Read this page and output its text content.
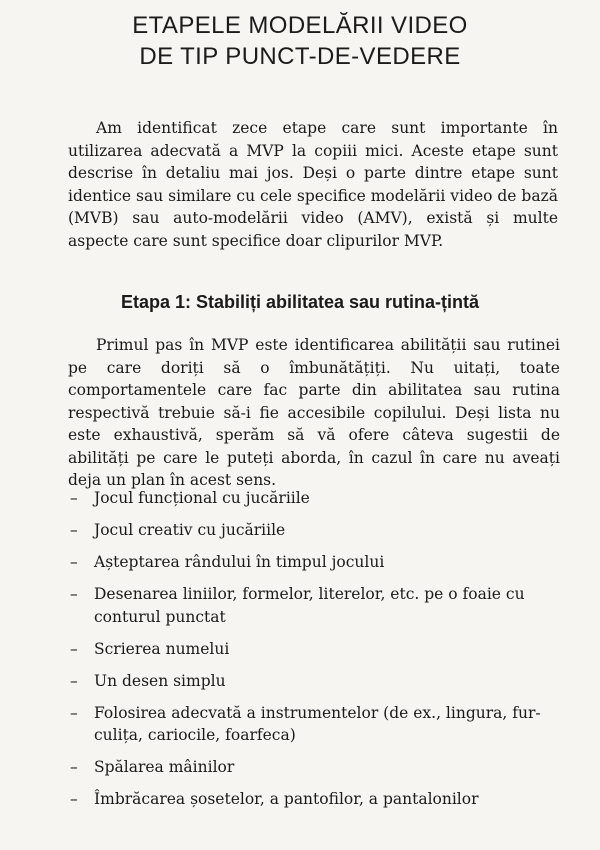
ETAPELE MODELĂRII VIDEO
DE TIP PUNCT-DE-VEDERE

Am identificat zece etape care sunt importante în utilizarea adecvată a MVP la copiii mici. Aceste etape sunt descrise în detaliu mai jos. Deși o parte dintre etape sunt identice sau similare cu cele specifice modelării video de bază (MVB) sau auto-modelării video (AMV), există și multe aspecte care sunt specifice doar clipurilor MVP.

Etapa 1: Stabiliți abilitatea sau rutina-țintă

Primul pas în MVP este identificarea abilității sau rutinei pe care doriți să o îmbunătățiți. Nu uitați, toate comportamentele care fac parte din abilitatea sau rutina respectivă trebuie să-i fie accesibile copilului. Deși lista nu este exhaustivă, sperăm să vă ofere câteva sugestii de abilități pe care le puteți aborda, în cazul în care nu aveați deja un plan în acest sens.

– Jocul funcțional cu jucăriile
– Jocul creativ cu jucăriile
– Așteptarea rândului în timpul jocului
– Desenarea liniilor, formelor, literelor, etc. pe o foaie cu conturul punctat
– Scrierea numelui
– Un desen simplu
– Folosirea adecvată a instrumentelor (de ex., lingura, furculița, cariocile, foarfeca)
– Spălarea mâinilor
– Îmbrăcarea șosetelor, a pantofilor, a pantalonilor
